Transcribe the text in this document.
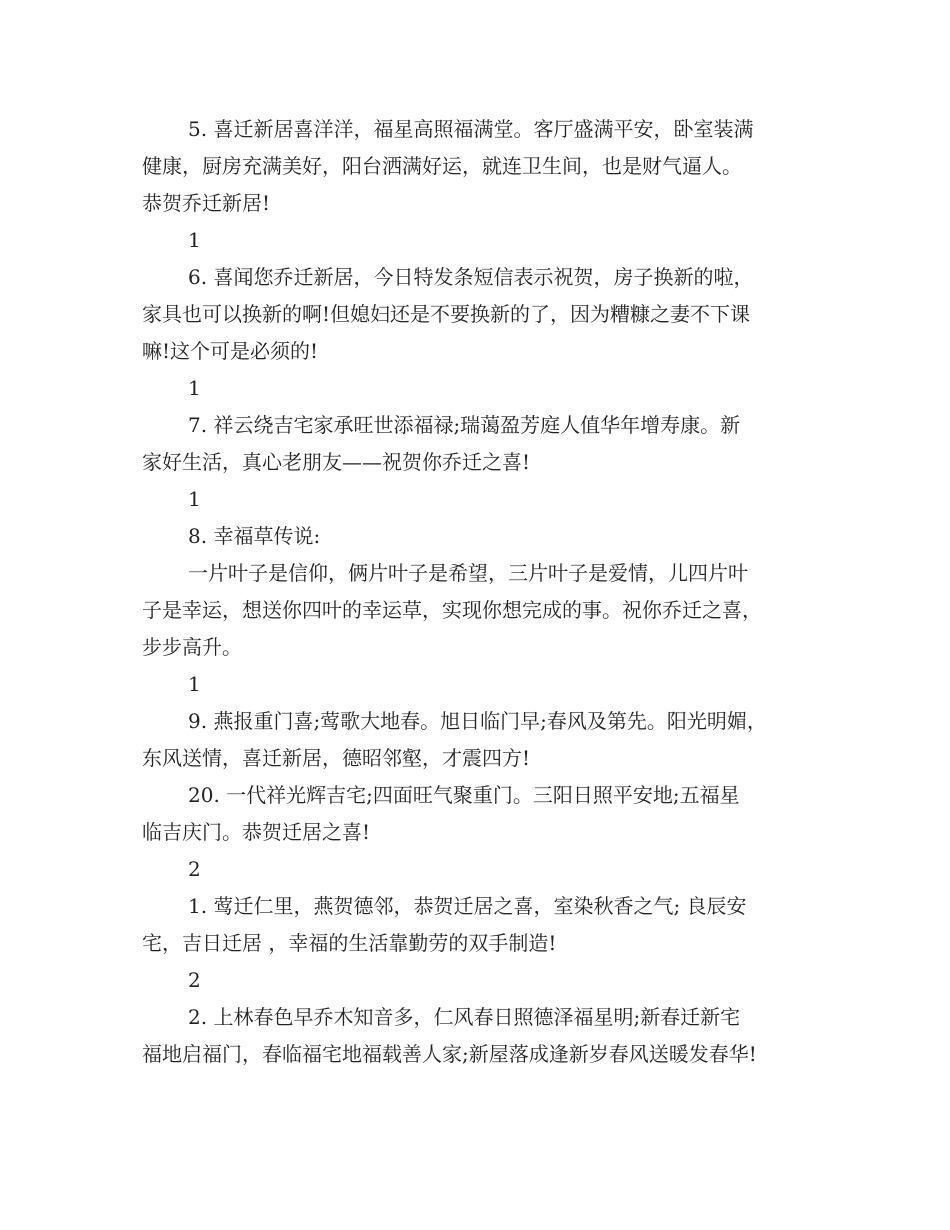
5. 喜迁新居喜洋洋，福星高照福满堂。客厅盛满平安，卧室装满
健康，厨房充满美好，阳台洒满好运，就连卫生间，也是财气逼人。
恭贺乔迁新居!
1
6. 喜闻您乔迁新居，今日特发条短信表示祝贺，房子换新的啦，
家具也可以换新的啊!但媳妇还是不要换新的了，因为糟糠之妻不下课
嘛!这个可是必须的!
1
7. 祥云绕吉宅家承旺世添福禄;瑞蔼盈芳庭人值华年增寿康。新
家好生活，真心老朋友——祝贺你乔迁之喜!
1
8. 幸福草传说:
一片叶子是信仰，俩片叶子是希望，三片叶子是爱情，儿四片叶
子是幸运，想送你四叶的幸运草，实现你想完成的事。祝你乔迁之喜，
步步高升。
1
9. 燕报重门喜;莺歌大地春。旭日临门早;春风及第先。阳光明媚，
东风送情，喜迁新居，德昭邻壑，才震四方!
20. 一代祥光辉吉宅;四面旺气聚重门。三阳日照平安地;五福星
临吉庆门。恭贺迁居之喜!
2
1. 莺迁仁里，燕贺德邻，恭贺迁居之喜，室染秋香之气; 良辰安
宅，吉日迁居 ，幸福的生活靠勤劳的双手制造!
2
2. 上林春色早乔木知音多，仁风春日照德泽福星明;新春迁新宅
福地启福门，春临福宅地福载善人家;新屋落成逢新岁春风送暖发春华!
